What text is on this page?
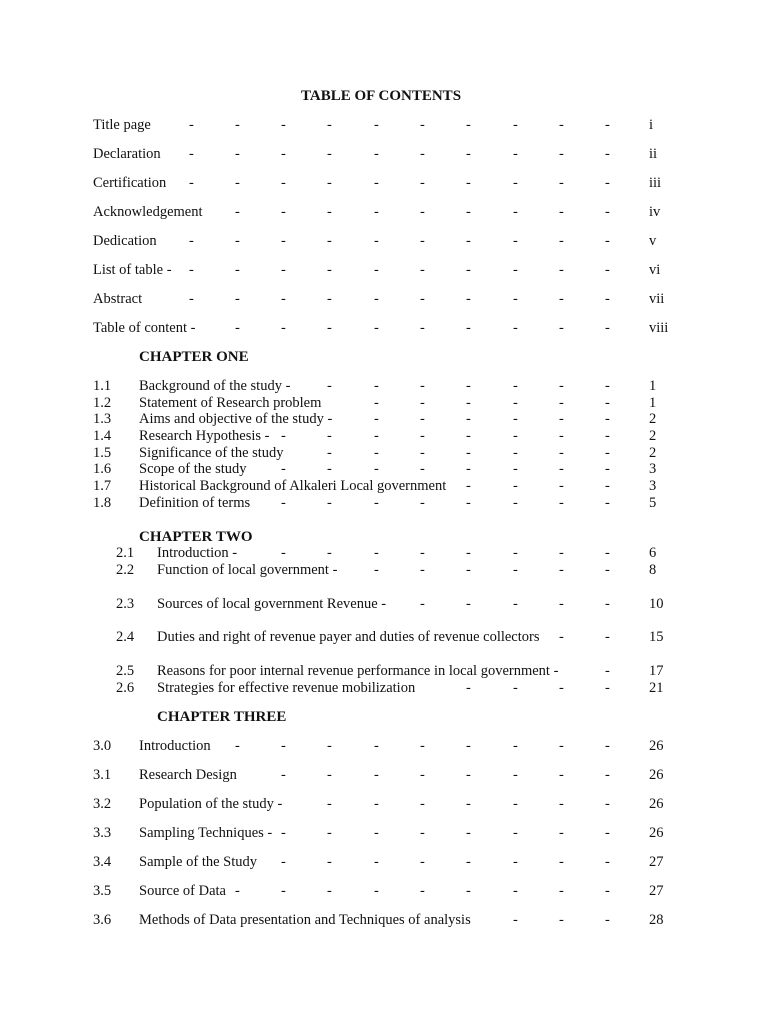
TABLE OF CONTENTS
Title page	i
Declaration	ii
Certification	iii
Acknowledgement	iv
Dedication	v
List of table -	vi
Abstract	vii
Table of content -	viii
CHAPTER ONE
1.1 Background of the study -	1
1.2 Statement of Research problem	1
1.3 Aims and objective of the study -	2
1.4 Research Hypothesis -	2
1.5 Significance of the study	2
1.6 Scope of the study	3
1.7 Historical Background of Alkaleri Local government	3
1.8 Definition of terms	5
CHAPTER TWO
2.1 Introduction -	6
2.2 Function of local government -	8
2.3 Sources of local government Revenue -	10
2.4 Duties and right of revenue payer and duties of revenue collectors	15
2.5 Reasons for poor internal revenue performance in local government -	17
2.6 Strategies for effective revenue mobilization	21
CHAPTER THREE
3.0 Introduction	26
3.1 Research Design	26
3.2 Population of the study -	26
3.3 Sampling Techniques -	26
3.4 Sample of the Study	27
3.5 Source of Data	27
3.6 Methods of Data presentation and Techniques of analysis	28
-	-	-	-	-	-	-	-	-	-
-	-	-	-	-	-	-	-	-	-
-	-	-	-	-	-	-	-	-	-
-	-	-	-	-	-	-	-	-
-	-	-	-	-	-	-	-	-	-
-	-	-	-	-	-	-	-	-	-
-	-	-	-	-	-	-	-	-	-
-	-	-	-	-	-	-	-	-
-	-	-	-	-	-	-
-	-	-	-	-	-
-	-	-	-	-	-
-	-	-	-	-	-	-	-
-	-	-	-	-	-	-
-	-	-	-	-	-	-	-
-	-	-	-
-	-	-	-	-	-	-	-
-	-	-	-	-	-	-	-
-	-	-	-	-	-
-	-	-	-	-
-	-
-
-	-	-	-
-	-	-	-	-	-	-	-	-
-	-	-	-	-	-	-	-
-	-	-	-	-	-	-
-	-	-	-	-	-	-	-
-	-	-	-	-	-	-	-
-	-	-	-	-	-	-	-	-
-	-	-
